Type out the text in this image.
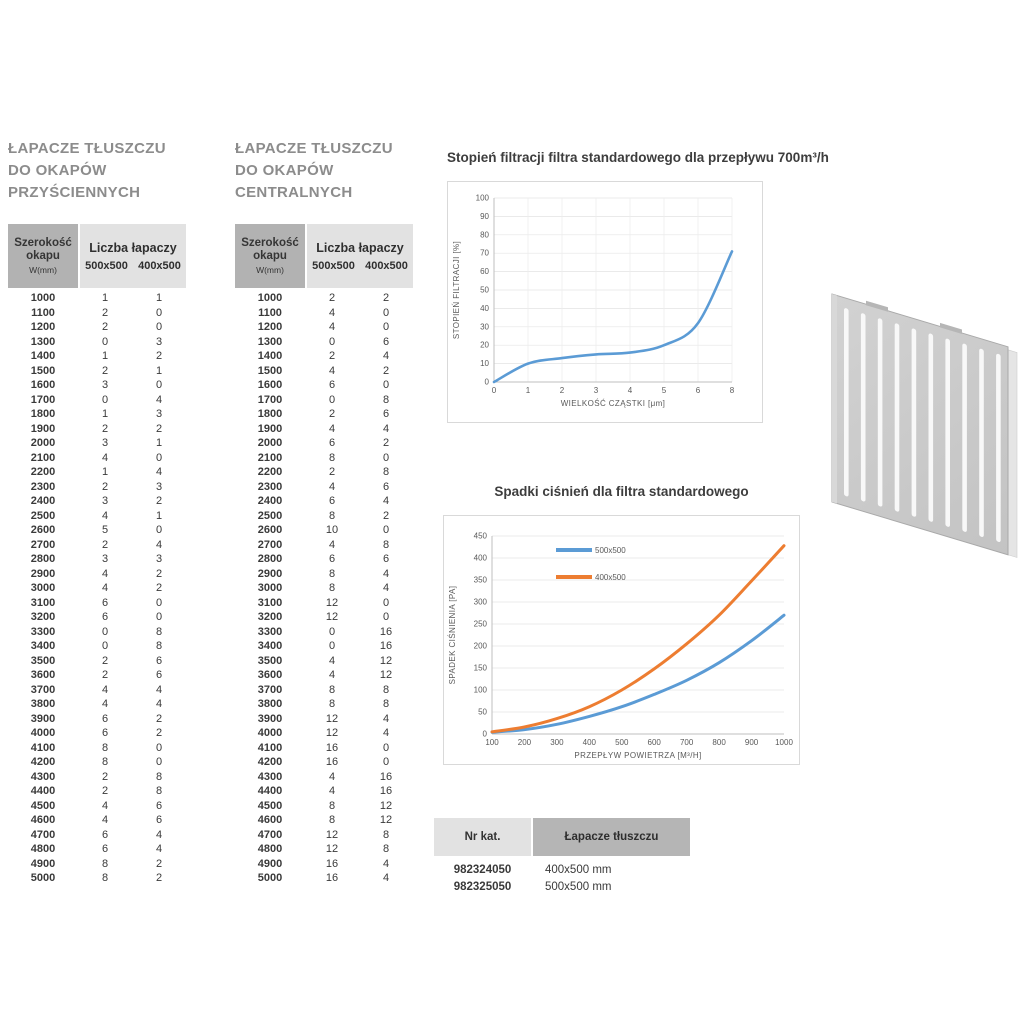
ŁAPACZE TŁUSZCZU
DO OKAPÓW
PRZYŚCIENNYCH
Szerokość okapu
W(mm)
Liczba łapaczy
500x500 400x500
1000	1	1
1100	2	0
1200	2	0
1300	0	3
1400	1	2
1500	2	1
1600	3	0
1700	0	4
1800	1	3
1900	2	2
2000	3	1
2100	4	0
2200	1	4
2300	2	3
2400	3	2
2500	4	1
2600	5	0
2700	2	4
2800	3	3
2900	4	2
3000	4	2
3100	6	0
3200	6	0
3300	0	8
3400	0	8
3500	2	6
3600	2	6
3700	4	4
3800	4	4
3900	6	2
4000	6	2
4100	8	0
4200	8	0
4300	2	8
4400	2	8
4500	4	6
4600	4	6
4700	6	4
4800	6	4
4900	8	2
5000	8	2
ŁAPACZE TŁUSZCZU
DO OKAPÓW
CENTRALNYCH
Szerokość okapu
W(mm)
Liczba łapaczy
500x500 400x500
1000	2	2
1100	4	0
1200	4	0
1300	0	6
1400	2	4
1500	4	2
1600	6	0
1700	0	8
1800	2	6
1900	4	4
2000	6	2
2100	8	0
2200	2	8
2300	4	6
2400	6	4
2500	8	2
2600	10	0
2700	4	8
2800	6	6
2900	8	4
3000	8	4
3100	12	0
3200	12	0
3300	0	16
3400	0	16
3500	4	12
3600	4	12
3700	8	8
3800	8	8
3900	12	4
4000	12	4
4100	16	0
4200	16	0
4300	4	16
4400	4	16
4500	8	12
4600	8	12
4700	12	8
4800	12	8
4900	16	4
5000	16	4
Stopień filtracji filtra standardowego dla przepływu 700m³/h
0
10
20
30
40
50
60
70
80
90
100
0	1	2	3	4	5	6	8
WIELKOŚĆ CZĄSTKI [μm]
STOPIEŃ FILTRACJI [%]
Spadki ciśnień dla filtra standardowego
0
50
100
150
200
250
300
350
400
450
100 200 300 400 500 600 700 800 900 1000
PRZEPŁYW POWIETRZA [M³/H]
SPADEK CIŚNIENIA [PA]
500x500
400x500
Nr kat.	Łapacze tłuszczu
982324050	400x500 mm
982325050	500x500 mm
